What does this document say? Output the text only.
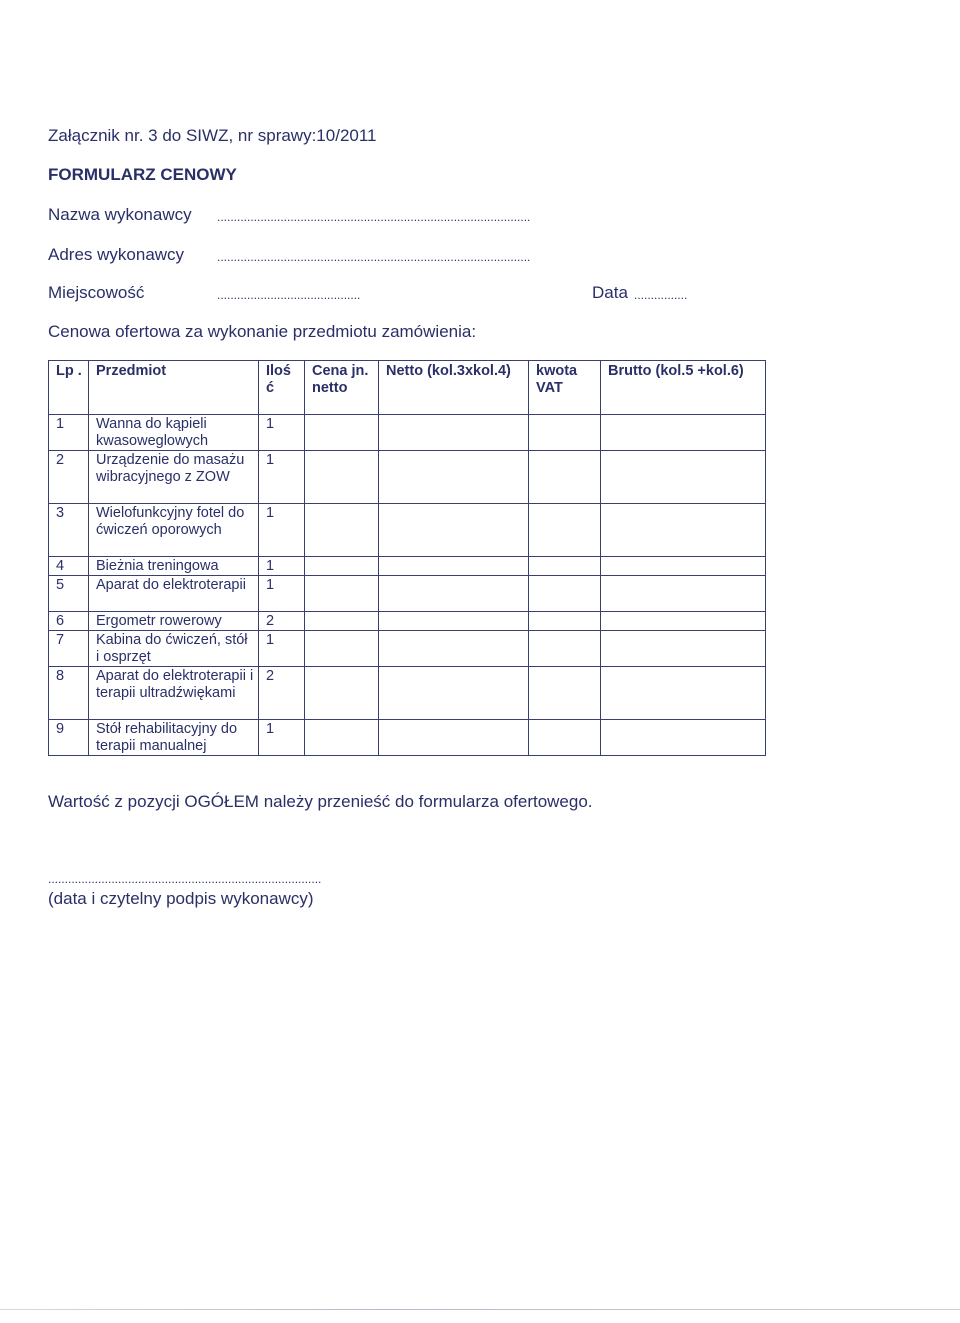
Załącznik nr. 3 do SIWZ, nr sprawy:10/2011
FORMULARZ CENOWY
Nazwa wykonawcy ..............................................................................................
Adres wykonawcy	..............................................................................................
Miejscowość	...........................................	Data ................
Cenowa ofertowa za wykonanie przedmiotu zamówienia:
Lp .	Przedmiot	Iloś ć	Cena jn. netto	Netto (kol.3xkol.4)	kwota VAT	Brutto (kol.5 +kol.6)
1	Wanna do kąpieli kwasoweglowych	1				
2	Urządzenie do masażu wibracyjnego z ZOW	1				
3	Wielofunkcyjny fotel do ćwiczeń oporowych	1				
4	Bieżnia treningowa	1				
5	Aparat do elektroterapii	1				
6	Ergometr rowerowy	2				
7	Kabina do ćwiczeń, stół i osprzęt	1				
8	Aparat do elektroterapii i terapii ultradźwiękami	2				
9	Stół rehabilitacyjny do terapii manualnej	1				
Wartość z pozycji OGÓŁEM należy przenieść do formularza ofertowego.
..................................................................................
(data i czytelny podpis wykonawcy)
